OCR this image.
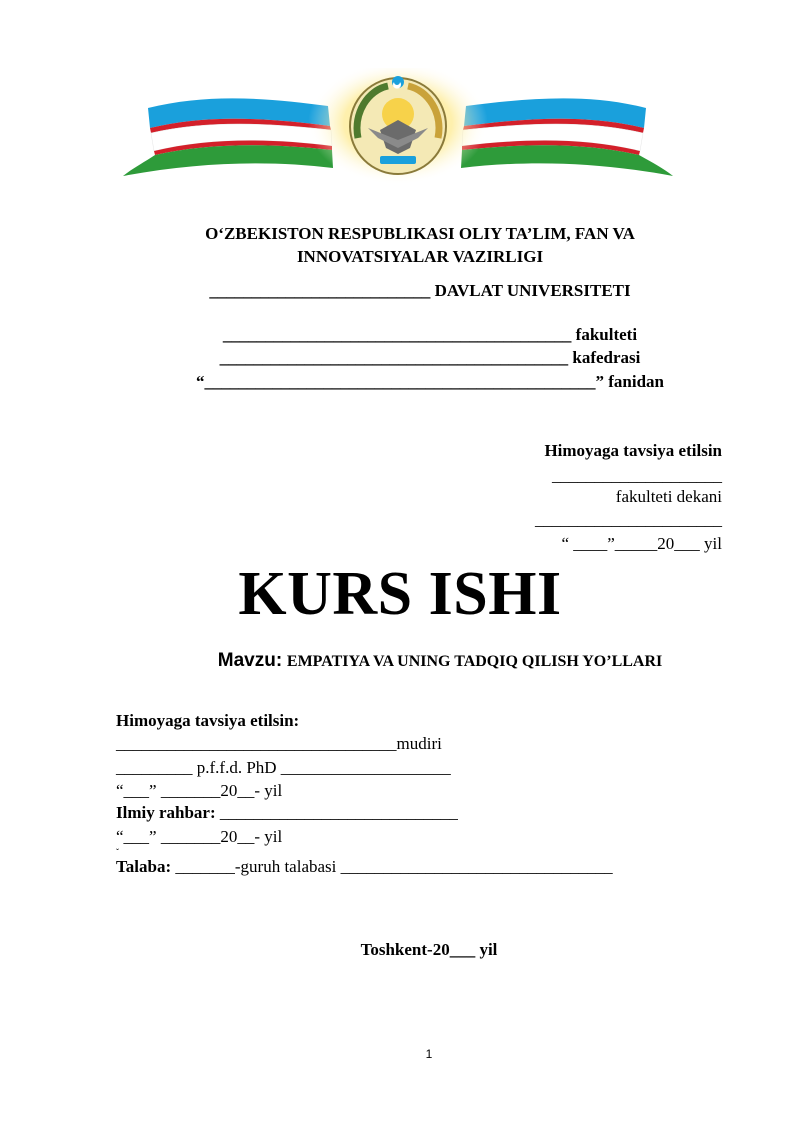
O‘ZBEKISTON RESPUBLIKASI OLIY TA’LIM, FAN VA
INNOVATSIYALAR VAZIRLIGI
__________________________ DAVLAT UNIVERSITETI
_________________________________________ fakulteti
_________________________________________ kafedrasi
“______________________________________________” fanidan
Himoyaga tavsiya etilsin
____________________
fakulteti dekani
______________________
“ ____”_____20___ yil
KURS ISHI
Mavzu: EMPATIYA VA UNING TADQIQ QILISH YO’LLARI
Himoyaga tavsiya etilsin:
_________________________________mudiri
_________ p.f.f.d. PhD ____________________
“___” _______20__- yil
Ilmiy rahbar: ____________________________
“___” _______20__- yil
ˇ
Talaba: _______-guruh talabasi ________________________________
Toshkent-20___ yil
1
